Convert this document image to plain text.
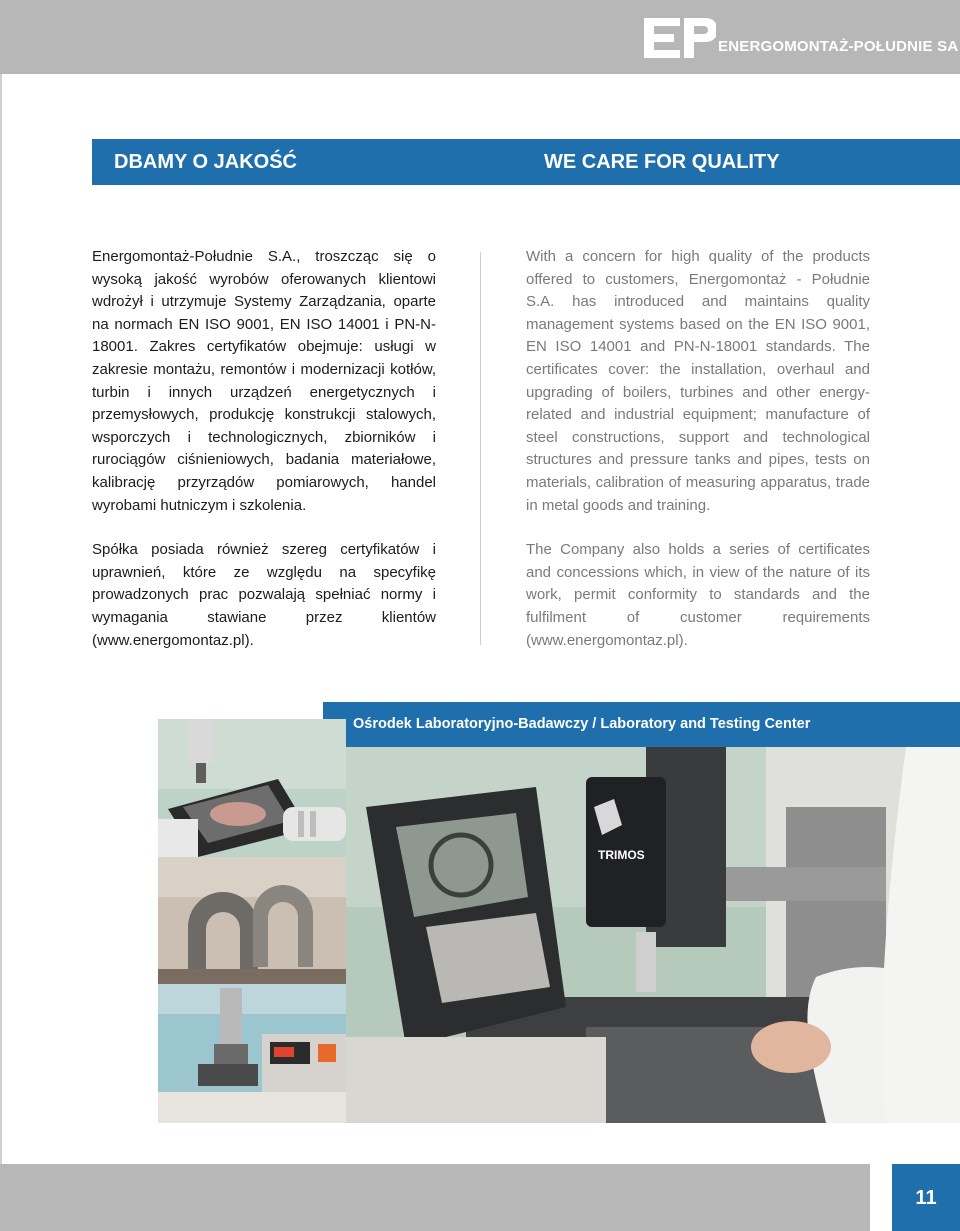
ENERGOMONTAŻ-POŁUDNIE SA
DBAMY O JAKOŚĆ	WE CARE FOR QUALITY

Energomontaż-Południe S.A., troszcząc się o wysoką jakość wyrobów oferowanych klientowi wdrożył i utrzymuje Systemy Zarządzania, oparte na normach EN ISO 9001, EN ISO 14001 i PN-N-18001. Zakres certyfikatów obejmuje: usługi w zakresie montażu, remontów i modernizacji kotłów, turbin i innych urządzeń energetycznych i przemysłowych, produkcję konstrukcji stalowych, wsporczych i technologicznych, zbiorników i rurociągów ciśnieniowych, badania materiałowe, kalibrację przyrządów pomiarowych, handel wyrobami hutniczym i szkolenia.

Spółka posiada również szereg certyfikatów i uprawnień, które ze względu na specyfikę prowadzonych prac pozwalają spełniać normy i wymagania stawiane przez klientów (www.energomontaz.pl).

With a concern for high quality of the products offered to customers, Energomontaż - Południe S.A. has introduced and maintains quality management systems based on the EN ISO 9001, EN ISO 14001 and PN-N-18001 standards. The certificates cover: the installation, overhaul and upgrading of boilers, turbines and other energy-related and industrial equipment; manufacture of steel constructions, support and technological structures and pressure tanks and pipes, tests on materials, calibration of measuring apparatus, trade in metal goods and training.

The Company also holds a series of certificates and concessions which, in view of the nature of its work, permit conformity to standards and the fulfilment of customer requirements (www.energomontaz.pl).

Ośrodek Laboratoryjno-Badawczy / Laboratory and Testing Center
TRIMOS
11
